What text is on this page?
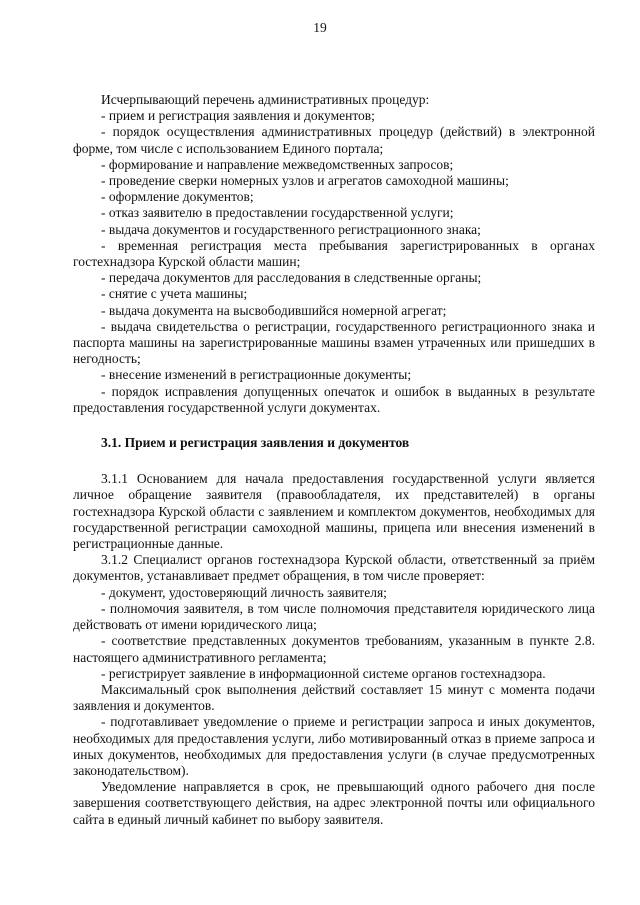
19

Исчерпывающий перечень административных процедур:

- прием и регистрация заявления и документов;

- порядок осуществления административных процедур (действий) в электронной форме, том числе с использованием Единого портала;

- формирование и направление межведомственных запросов;

- проведение сверки номерных узлов и агрегатов самоходной машины;

- оформление документов;

- отказ заявителю в предоставлении государственной услуги;

- выдача документов и государственного регистрационного знака;

- временная регистрация места пребывания зарегистрированных в органах гостехнадзора Курской области машин;

- передача документов для расследования в следственные органы;

- снятие с учета машины;

- выдача документа на высвободившийся номерной агрегат;

- выдача свидетельства о регистрации, государственного регистрационного знака и паспорта машины на зарегистрированные машины взамен утраченных или пришедших в негодность;

- внесение изменений в регистрационные документы;

- порядок исправления допущенных опечаток и ошибок в выданных в результате предоставления государственной услуги документах.

3.1. Прием и регистрация заявления и документов

3.1.1 Основанием для начала предоставления государственной услуги является личное обращение заявителя (правообладателя, их представителей) в органы гостехнадзора Курской области с заявлением и комплектом документов, необходимых для государственной регистрации самоходной машины, прицепа или внесения изменений в регистрационные данные.

3.1.2 Специалист органов гостехнадзора Курской области, ответственный за приём документов, устанавливает предмет обращения, в том числе проверяет:

- документ, удостоверяющий личность заявителя;

- полномочия заявителя, в том числе полномочия представителя юридического лица действовать от имени юридического лица;

- соответствие представленных документов требованиям, указанным в пункте 2.8. настоящего административного регламента;

- регистрирует заявление в информационной системе органов гостехнадзора.

Максимальный срок выполнения действий составляет 15 минут с момента подачи заявления и документов.

- подготавливает уведомление о приеме и регистрации запроса и иных документов, необходимых для предоставления услуги, либо мотивированный отказ в приеме запроса и иных документов, необходимых для предоставления услуги (в случае предусмотренных законодательством).

Уведомление направляется в срок, не превышающий одного рабочего дня после завершения соответствующего действия, на адрес электронной почты или официального сайта в единый личный кабинет по выбору заявителя.
